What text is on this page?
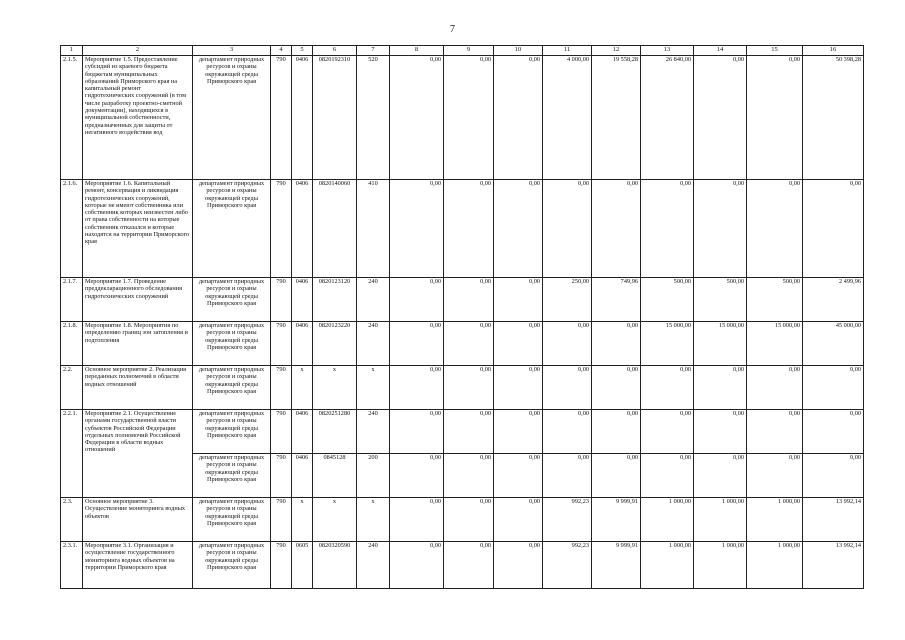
7
1	2	3	4	5	6	7	8	9	10	11	12	13	14	15	16
2.1.5.	Мероприятие 1.5. Предоставление субсидий из краевого бюджета бюджетам муниципальных образований Приморского края на капитальный ремонт гидротехнических сооружений (в том числе разработку проектно-сметной документации), находящихся в муниципальной собственности, предназначенных для защиты от негативного воздействия вод	департамент природных ресурсов и охраны окружающей среды Приморского края	790	0406	0820192310	520	0,00	0,00	0,00	4 000,00	19 558,28	26 840,00	0,00	0,00	50 398,28
2.1.6.	Мероприятие 1.6. Капитальный ремонт, консервация и ликвидация гидротехнических сооружений, которые не имеют собственника или собственник которых неизвестен либо от права собственности на которые собственник отказался и которые находятся на территории Приморского края	департамент природных ресурсов и охраны окружающей среды Приморского края	790	0406	0820140060	410	0,00	0,00	0,00	0,00	0,00	0,00	0,00	0,00	0,00
2.1.7.	Мероприятие 1.7. Проведение преддекларационного обследования гидротехнических сооружений	департамент природных ресурсов и охраны окружающей среды Приморского края	790	0406	0820123120	240	0,00	0,00	0,00	250,00	749,96	500,00	500,00	500,00	2 499,96
2.1.8.	Мероприятие 1.8. Мероприятия по определению границ зон затопления и подтопления	департамент природных ресурсов и охраны окружающей среды Приморского края	790	0406	0820123220	240	0,00	0,00	0,00	0,00	0,00	15 000,00	15 000,00	15 000,00	45 000,00
2.2.	Основное мероприятие 2. Реализация переданных полномочий в области водных отношений	департамент природных ресурсов и охраны окружающей среды Приморского края	790	x	x	x	0,00	0,00	0,00	0,00	0,00	0,00	0,00	0,00	0,00
2.2.1.	Мероприятие 2.1. Осуществление органами государственной власти субъектов Российской Федерации отдельных полномочий Российской Федерации в области водных отношений	департамент природных ресурсов и охраны окружающей среды Приморского края	790	0406	0820251280	240	0,00	0,00	0,00	0,00	0,00	0,00	0,00	0,00	0,00
		департамент природных ресурсов и охраны окружающей среды Приморского края	790	0406	0845128	200	0,00	0,00	0,00	0,00	0,00	0,00	0,00	0,00	0,00
2.3.	Основное мероприятие 3. Осуществление мониторинга водных объектов	департамент природных ресурсов и охраны окружающей среды Приморского края	790	x	x	x	0,00	0,00	0,00	992,23	9 999,91	1 000,00	1 000,00	1 000,00	13 992,14
2.3.1.	Мероприятие 3.1. Организация и осуществление государственного мониторинга водных объектов на территории Приморского края	департамент природных ресурсов и охраны окружающей среды Приморского края	790	0605	0820320590	240	0,00	0,00	0,00	992,23	9 999,91	1 000,00	1 000,00	1 000,00	13 992,14
